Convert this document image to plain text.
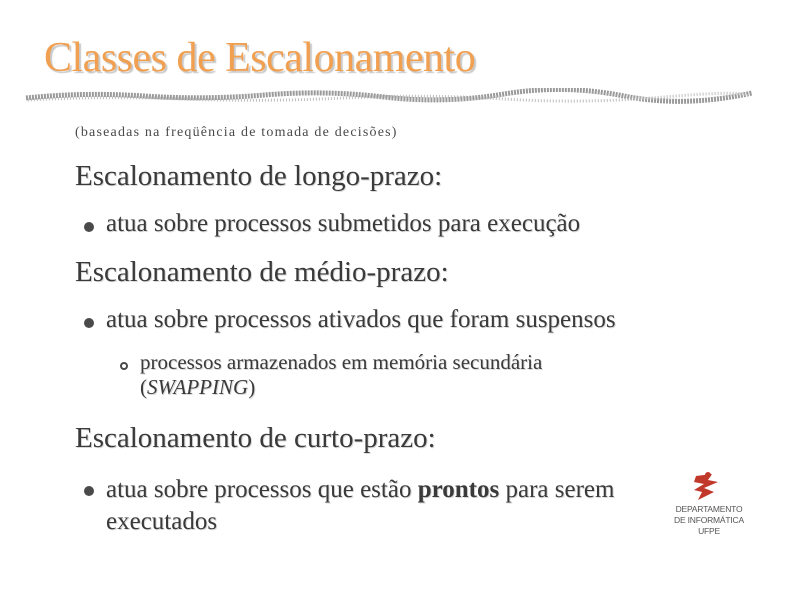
Classes de Escalonamento
(baseadas na freqüência de tomada de decisões)
Escalonamento de longo-prazo:
atua sobre processos submetidos para execução
Escalonamento de médio-prazo:
atua sobre processos ativados que foram suspensos
processos armazenados em memória secundária
(SWAPPING)
Escalonamento de curto-prazo:
atua sobre processos que estão prontos para serem
executados	DEPARTAMENTO
DE INFORMÁTICA
UFPE
